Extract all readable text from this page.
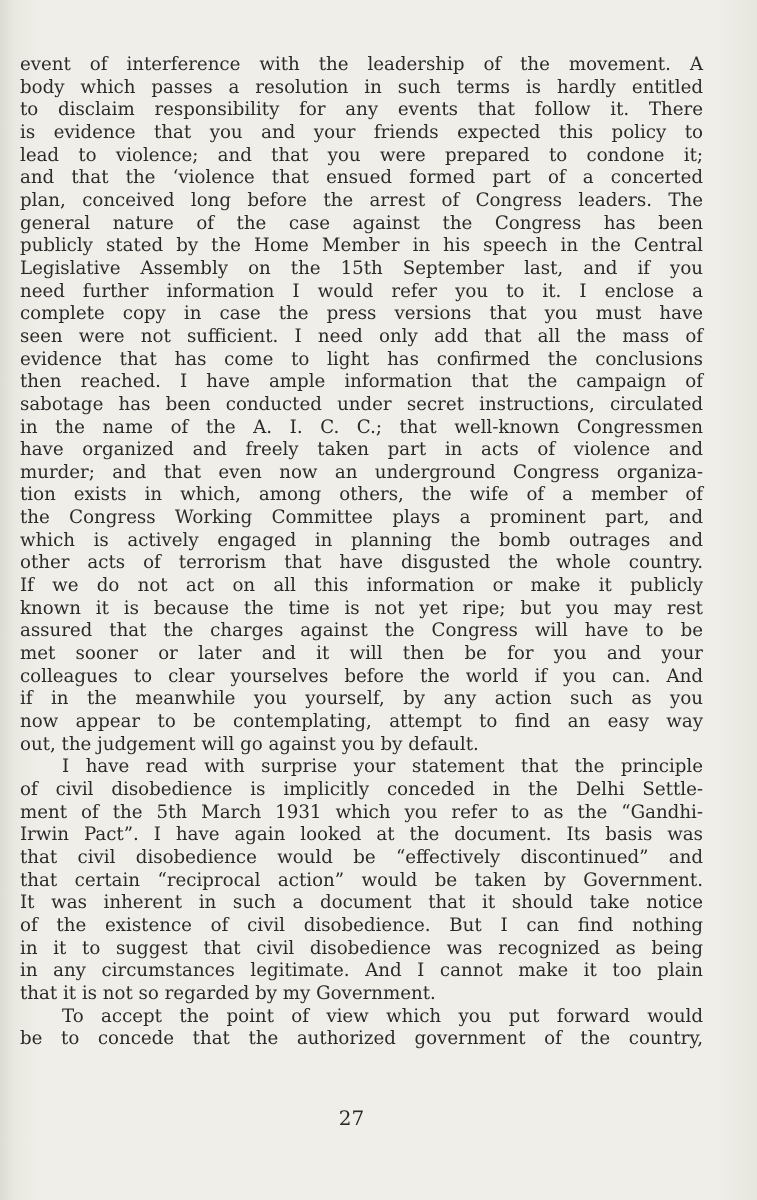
event of interference with the leadership of the movement. A
body which passes a resolution in such terms is hardly entitled
to disclaim responsibility for any events that follow it. There
is evidence that you and your friends expected this policy to
lead to violence; and that you were prepared to condone it;
and that the ‘violence that ensued formed part of a concerted
plan, conceived long before the arrest of Congress leaders. The
general nature of the case against the Congress has been
publicly stated by the Home Member in his speech in the Central
Legislative Assembly on the 15th September last, and if you
need further information I would refer you to it. I enclose a
complete copy in case the press versions that you must have
seen were not sufficient. I need only add that all the mass of
evidence that has come to light has confirmed the conclusions
then reached. I have ample information that the campaign of
sabotage has been conducted under secret instructions, circulated
in the name of the A. I. C. C.; that well-known Congressmen
have organized and freely taken part in acts of violence and
murder; and that even now an underground Congress organiza-
tion exists in which, among others, the wife of a member of
the Congress Working Committee plays a prominent part, and
which is actively engaged in planning the bomb outrages and
other acts of terrorism that have disgusted the whole country.
If we do not act on all this information or make it publicly
known it is because the time is not yet ripe; but you may rest
assured that the charges against the Congress will have to be
met sooner or later and it will then be for you and your
colleagues to clear yourselves before the world if you can. And
if in the meanwhile you yourself, by any action such as you
now appear to be contemplating, attempt to find an easy way
out, the judgement will go against you by default.
I have read with surprise your statement that the principle
of civil disobedience is implicitly conceded in the Delhi Settle-
ment of the 5th March 1931 which you refer to as the “Gandhi-
Irwin Pact”. I have again looked at the document. Its basis was
that civil disobedience would be “effectively discontinued” and
that certain “reciprocal action” would be taken by Government.
It was inherent in such a document that it should take notice
of the existence of civil disobedience. But I can find nothing
in it to suggest that civil disobedience was recognized as being
in any circumstances legitimate. And I cannot make it too plain
that it is not so regarded by my Government.
To accept the point of view which you put forward would
be to concede that the authorized government of the country,
27
